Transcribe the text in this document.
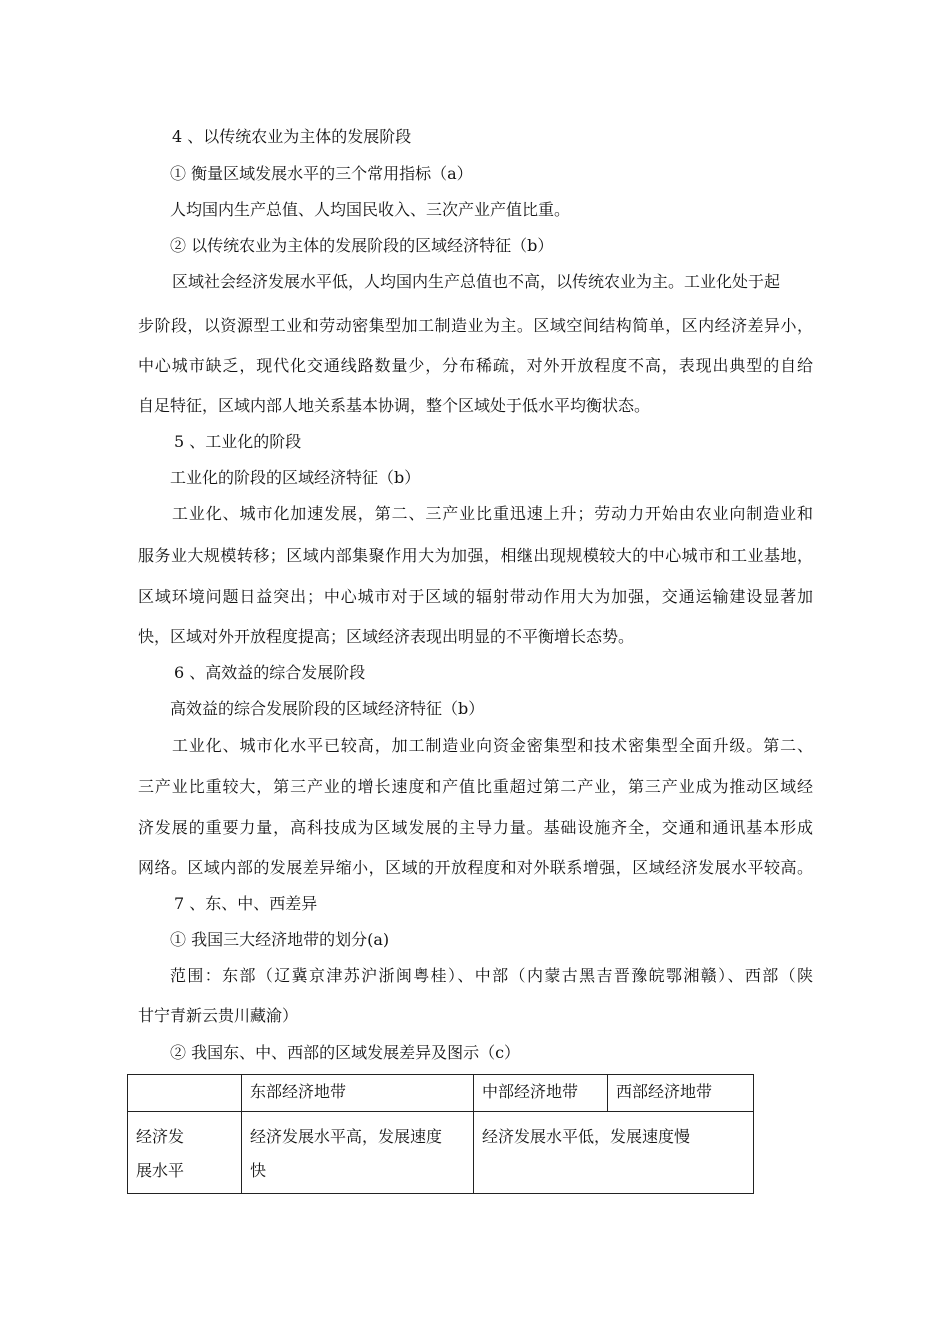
4 、以传统农业为主体的发展阶段
① 衡量区域发展水平的三个常用指标（a）
人均国内生产总值、人均国民收入、三次产业产值比重。
② 以传统农业为主体的发展阶段的区域经济特征（b）
区域社会经济发展水平低，人均国内生产总值也不高，以传统农业为主。工业化处于起
步阶段，以资源型工业和劳动密集型加工制造业为主。区域空间结构简单，区内经济差异小，
中心城市缺乏，现代化交通线路数量少，分布稀疏，对外开放程度不高，表现出典型的自给
自足特征，区域内部人地关系基本协调，整个区域处于低水平均衡状态。
5 、工业化的阶段
工业化的阶段的区域经济特征（b）
工业化、城市化加速发展，第二、三产业比重迅速上升；劳动力开始由农业向制造业和
服务业大规模转移；区域内部集聚作用大为加强，相继出现规模较大的中心城市和工业基地，
区域环境问题日益突出；中心城市对于区域的辐射带动作用大为加强，交通运输建设显著加
快，区域对外开放程度提高；区域经济表现出明显的不平衡增长态势。
6 、高效益的综合发展阶段
高效益的综合发展阶段的区域经济特征（b）
工业化、城市化水平已较高，加工制造业向资金密集型和技术密集型全面升级。第二、
三产业比重较大，第三产业的增长速度和产值比重超过第二产业，第三产业成为推动区域经
济发展的重要力量，高科技成为区域发展的主导力量。基础设施齐全，交通和通讯基本形成
网络。区域内部的发展差异缩小，区域的开放程度和对外联系增强，区域经济发展水平较高。
7 、东、中、西差异
① 我国三大经济地带的划分(a)
范围：东部（辽冀京津苏沪浙闽粤桂）、中部（内蒙古黑吉晋豫皖鄂湘赣）、西部（陕
甘宁青新云贵川藏渝）
② 我国东、中、西部的区域发展差异及图示（c）
	东部经济地带	中部经济地带	西部经济地带
经济发
展水平	经济发展水平高，发展速度
快	经济发展水平低，发展速度慢	
